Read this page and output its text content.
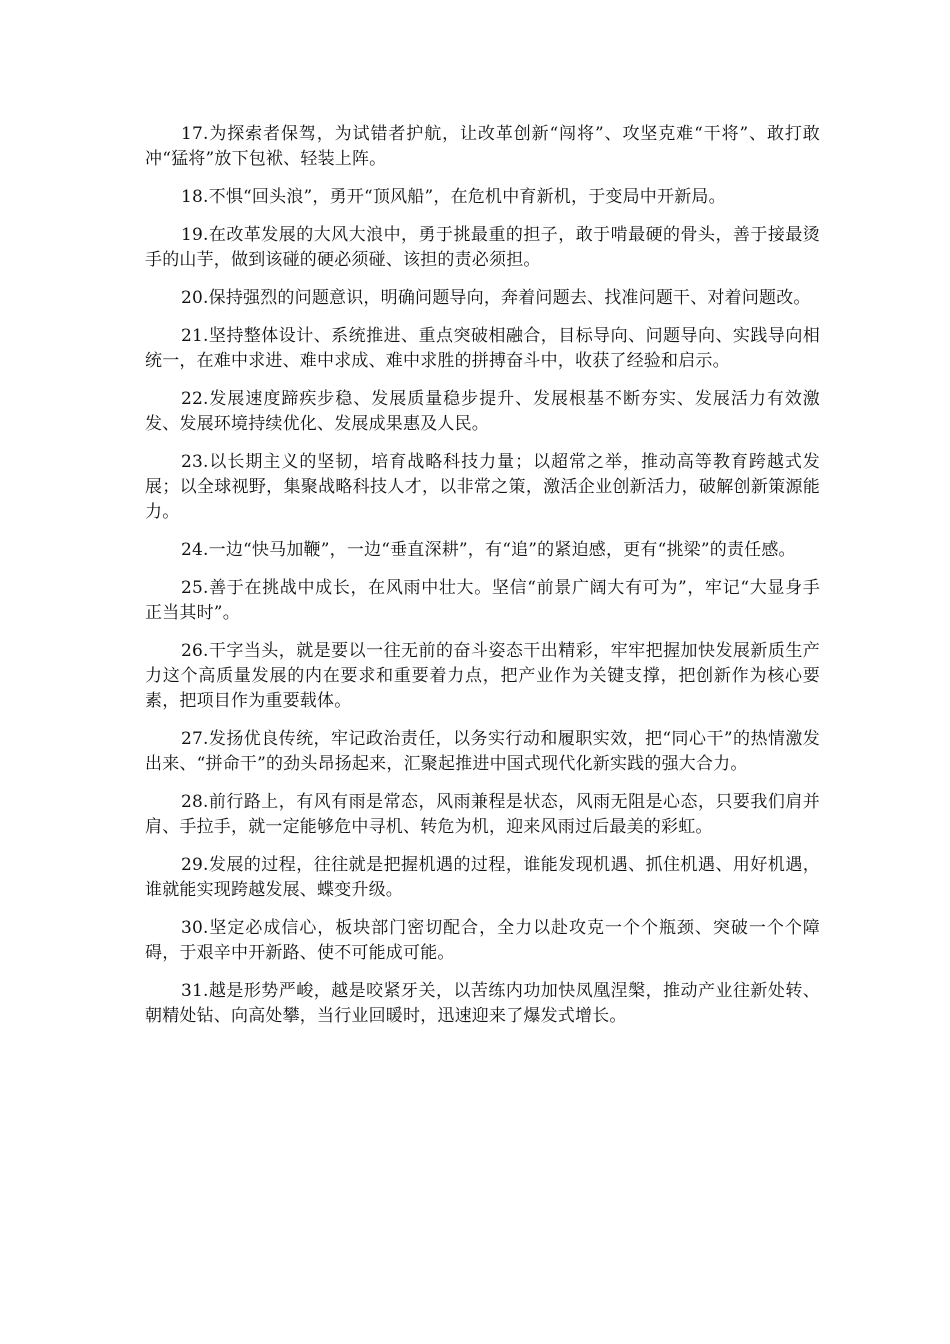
17.为探索者保驾，为试错者护航，让改革创新“闯将”、攻坚克难“干将”、敢打敢冲“猛将”放下包袱、轻装上阵。

18.不惧“回头浪”，勇开“顶风船”，在危机中育新机，于变局中开新局。

19.在改革发展的大风大浪中，勇于挑最重的担子，敢于啃最硬的骨头，善于接最烫手的山芋，做到该碰的硬必须碰、该担的责必须担。

20.保持强烈的问题意识，明确问题导向，奔着问题去、找准问题干、对着问题改。

21.坚持整体设计、系统推进、重点突破相融合，目标导向、问题导向、实践导向相统一，在难中求进、难中求成、难中求胜的拼搏奋斗中，收获了经验和启示。

22.发展速度蹄疾步稳、发展质量稳步提升、发展根基不断夯实、发展活力有效激发、发展环境持续优化、发展成果惠及人民。

23.以长期主义的坚韧，培育战略科技力量；以超常之举，推动高等教育跨越式发展；以全球视野，集聚战略科技人才，以非常之策，激活企业创新活力，破解创新策源能力。

24.一边“快马加鞭”，一边“垂直深耕”，有“追”的紧迫感，更有“挑梁”的责任感。

25.善于在挑战中成长，在风雨中壮大。坚信“前景广阔大有可为”，牢记“大显身手正当其时”。

26.干字当头，就是要以一往无前的奋斗姿态干出精彩，牢牢把握加快发展新质生产力这个高质量发展的内在要求和重要着力点，把产业作为关键支撑，把创新作为核心要素，把项目作为重要载体。

27.发扬优良传统，牢记政治责任，以务实行动和履职实效，把“同心干”的热情激发出来、“拼命干”的劲头昂扬起来，汇聚起推进中国式现代化新实践的强大合力。

28.前行路上，有风有雨是常态，风雨兼程是状态，风雨无阻是心态，只要我们肩并肩、手拉手，就一定能够危中寻机、转危为机，迎来风雨过后最美的彩虹。

29.发展的过程，往往就是把握机遇的过程，谁能发现机遇、抓住机遇、用好机遇，谁就能实现跨越发展、蝶变升级。

30.坚定必成信心，板块部门密切配合，全力以赴攻克一个个瓶颈、突破一个个障碍，于艰辛中开新路、使不可能成可能。

31.越是形势严峻，越是咬紧牙关，以苦练内功加快凤凰涅槃，推动产业往新处转、朝精处钻、向高处攀，当行业回暖时，迅速迎来了爆发式增长。
